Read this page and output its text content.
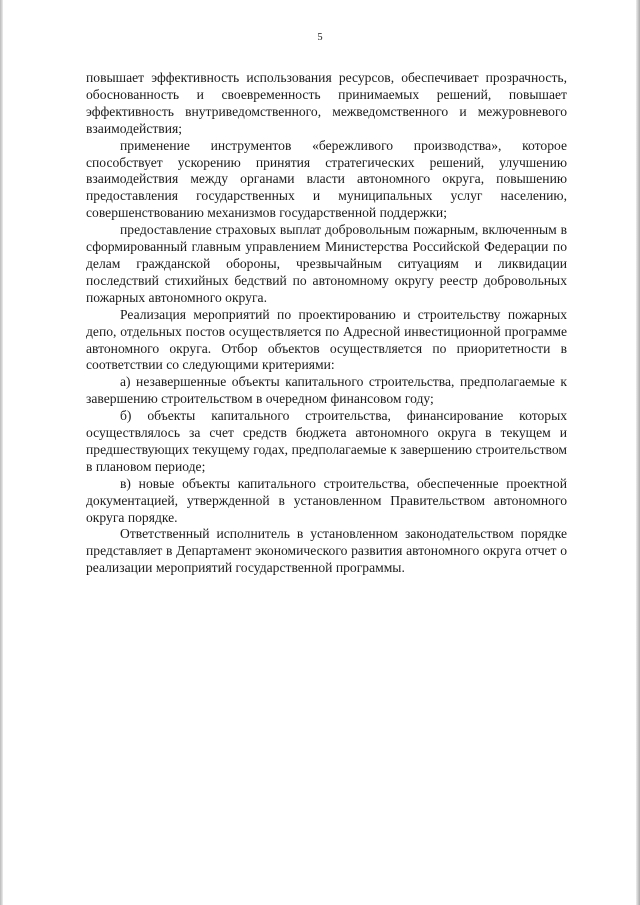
5

повышает эффективность использования ресурсов, обеспечивает прозрачность, обоснованность и своевременность принимаемых решений, повышает эффективность внутриведомственного, межведомственного и межуровневого взаимодействия;

применение инструментов «бережливого производства», которое способствует ускорению принятия стратегических решений, улучшению взаимодействия между органами власти автономного округа, повышению предоставления государственных и муниципальных услуг населению, совершенствованию механизмов государственной поддержки;

предоставление страховых выплат добровольным пожарным, включенным в сформированный главным управлением Министерства Российской Федерации по делам гражданской обороны, чрезвычайным ситуациям и ликвидации последствий стихийных бедствий по автономному округу реестр добровольных пожарных автономного округа.

Реализация мероприятий по проектированию и строительству пожарных депо, отдельных постов осуществляется по Адресной инвестиционной программе автономного округа. Отбор объектов осуществляется по приоритетности в соответствии со следующими критериями:

а) незавершенные объекты капитального строительства, предполагаемые к завершению строительством в очередном финансовом году;

б) объекты капитального строительства, финансирование которых осуществлялось за счет средств бюджета автономного округа в текущем и предшествующих текущему годах, предполагаемые к завершению строительством в плановом периоде;

в) новые объекты капитального строительства, обеспеченные проектной документацией, утвержденной в установленном Правительством автономного округа порядке.

Ответственный исполнитель в установленном законодательством порядке представляет в Департамент экономического развития автономного округа отчет о реализации мероприятий государственной программы.
